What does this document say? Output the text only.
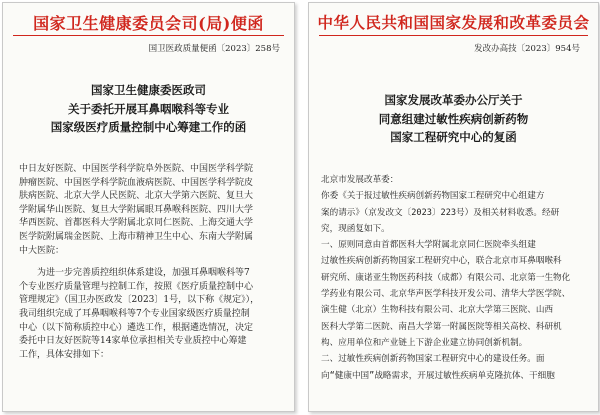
国家卫生健康委员会司(局)便函
国卫医政质量便函〔2023〕258号
国家卫生健康委医政司
关于委托开展耳鼻咽喉科等专业
国家级医疗质量控制中心筹建工作的函
中日友好医院、中国医学科学院阜外医院、中国医学科学院
肿瘤医院、中国医学科学院血液病医院、中国医学科学院皮
肤病医院、北京大学人民医院、北京大学第六医院、复旦大
学附属华山医院、复旦大学附属眼耳鼻喉科医院、四川大学
华西医院、首都医科大学附属北京同仁医院、上海交通大学
医学院附属瑞金医院、上海市精神卫生中心、东南大学附属
中大医院：
为进一步完善质控组织体系建设，加强耳鼻咽喉科等7
个专业医疗质量管理与控制工作，按照《医疗质量控制中心
管理规定》（国卫办医政发〔2023〕1号，以下称《规定》），
我司组织完成了耳鼻咽喉科等7个专业国家级医疗质量控制
中心（以下简称质控中心）遴选工作，根据遴选情况，决定
委托中日友好医院等14家单位承担相关专业质控中心筹建
工作，具体安排如下：
中华人民共和国国家发展和改革委员会
发改办高技〔2023〕954号
国家发展改革委办公厅关于
同意组建过敏性疾病创新药物
国家工程研究中心的复函
北京市发展改革委：
你委《关于报过敏性疾病创新药物国家工程研究中心组建方
案的请示》（京发改文〔2023〕223号）及相关材料收悉。经研
究，现函复如下。
一、原则同意由首都医科大学附属北京同仁医院牵头组建
过敏性疾病创新药物国家工程研究中心，联合北京市耳鼻咽喉科
研究所、康诺亚生物医药科技（成都）有限公司、北京第一生物化
学药业有限公司、北京华声医学科技开发公司、清华大学医学院、
演生健（北京）生物科技有限公司、北京大学第三医院、山西
医科大学第二医院、南昌大学第一附属医院等相关高校、科研机
构、应用单位和产业链上下游企业建立协同创新机制。
二、过敏性疾病创新药物国家工程研究中心的建设任务。面
向“健康中国”战略需求，开展过敏性疾病单克隆抗体、干细胞
